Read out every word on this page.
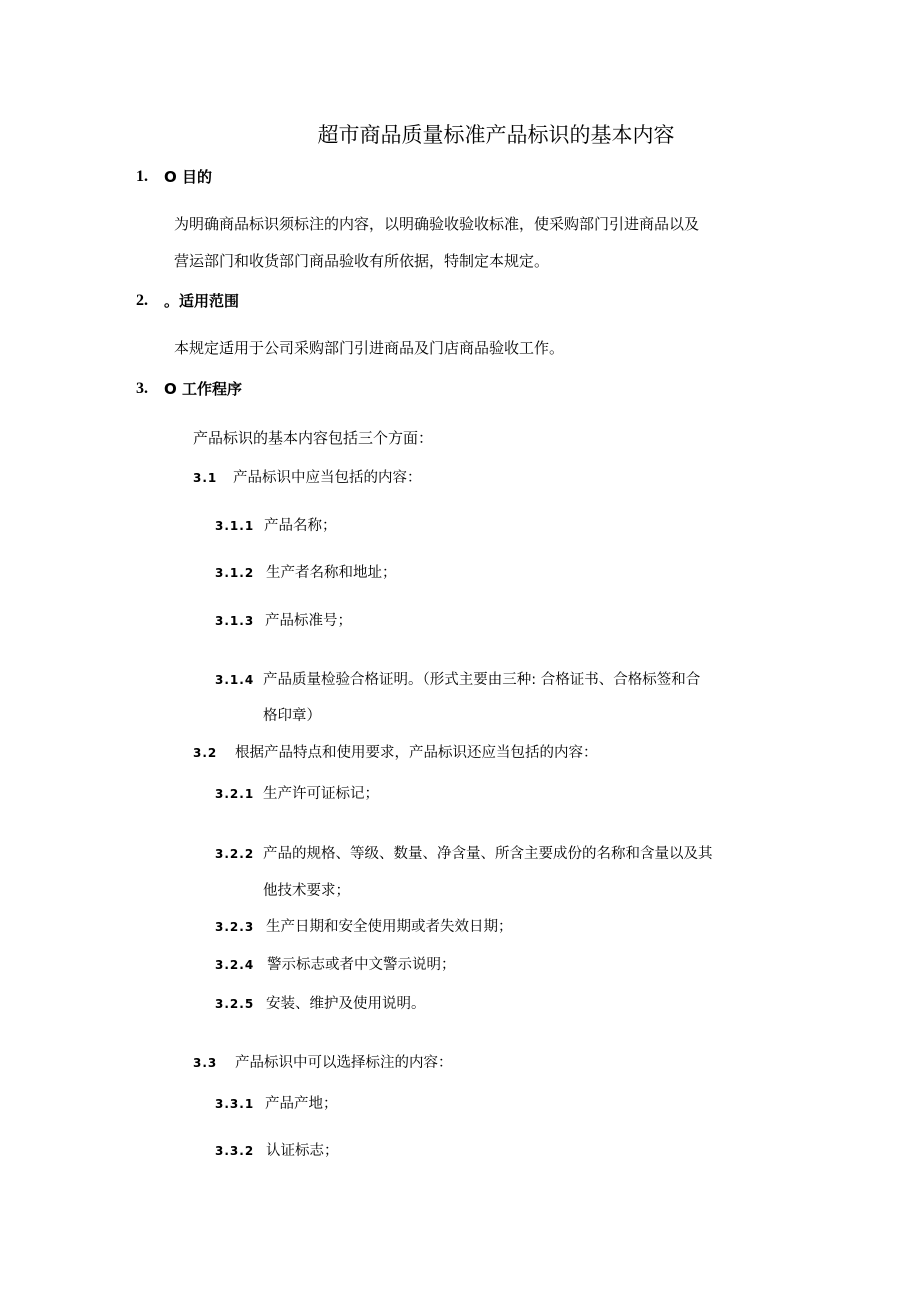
超市商品质量标准产品标识的基本内容
1. O 目的
为明确商品标识须标注的内容，以明确验收验收标准，使采购部门引进商品以及
营运部门和收货部门商品验收有所依据，特制定本规定。
2. 。适用范围
本规定适用于公司采购部门引进商品及门店商品验收工作。
3. O 工作程序
产品标识的基本内容包括三个方面：
3.1 产品标识中应当包括的内容：
3.1.1 产品名称；
3.1.2 生产者名称和地址；
3.1.3 产品标准号；
3.1.4 产品质量检验合格证明。（形式主要由三种: 合格证书、合格标签和合
格印章）
3.2 根据产品特点和使用要求，产品标识还应当包括的内容：
3.2.1 生产许可证标记；
3.2.2 产品的规格、等级、数量、净含量、所含主要成份的名称和含量以及其
他技术要求；
3.2.3 生产日期和安全使用期或者失效日期；
3.2.4 警示标志或者中文警示说明；
3.2.5 安装、维护及使用说明。
3.3 产品标识中可以选择标注的内容：
3.3.1 产品产地；
3.3.2 认证标志；
